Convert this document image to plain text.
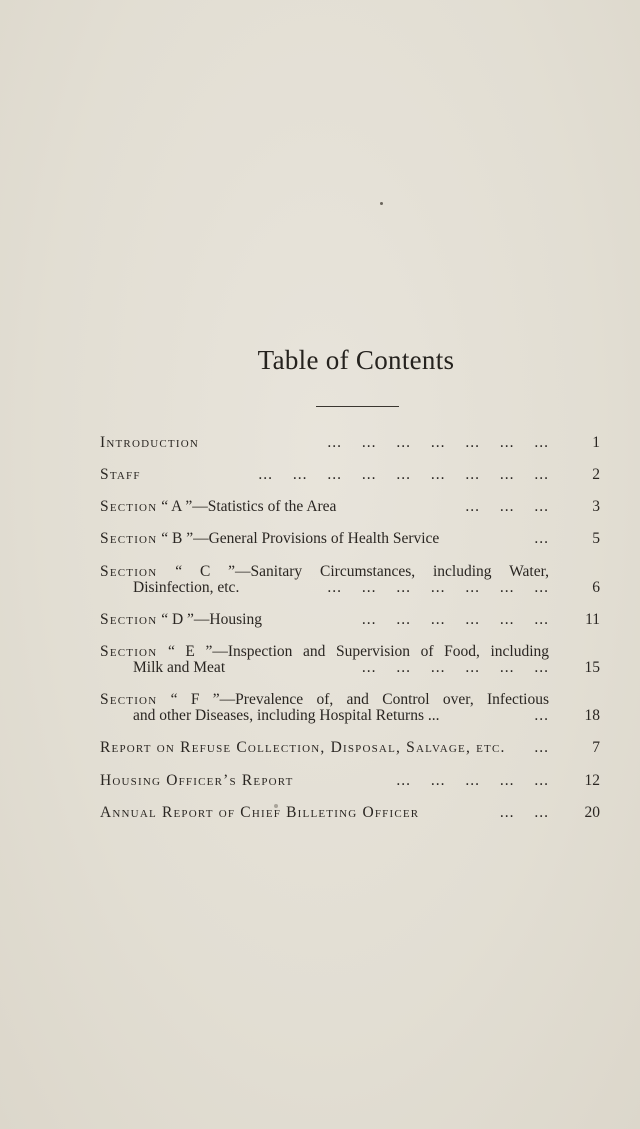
Table of Contents
Introduction	... ... ... ... ... ... ...	1
Staff	... ... ... ... ... ... ... ... ...	2
Section “ A ”—Statistics of the Area	... ... ...	3
Section “ B ”—General Provisions of Health Service	...	5
Section “ C ”—Sanitary Circumstances, including Water,
Disinfection, etc.	... ... ... ... ... ... ...	6
Section “ D ”—Housing	... ... ... ... ... ... 11
Section “ E ”—Inspection and Supervision of Food, including
Milk and Meat	... ... ... ... ... ... 15
Section “ F ”—Prevalence of, and Control over, Infectious
and other Diseases, including Hospital Returns ...	... 18
Report on Refuse Collection, Disposal, Salvage, etc. ...	7
Housing Officer’s Report	... ... ... ... ... 12
Annual Report of Chief Billeting Officer	... ... 20
